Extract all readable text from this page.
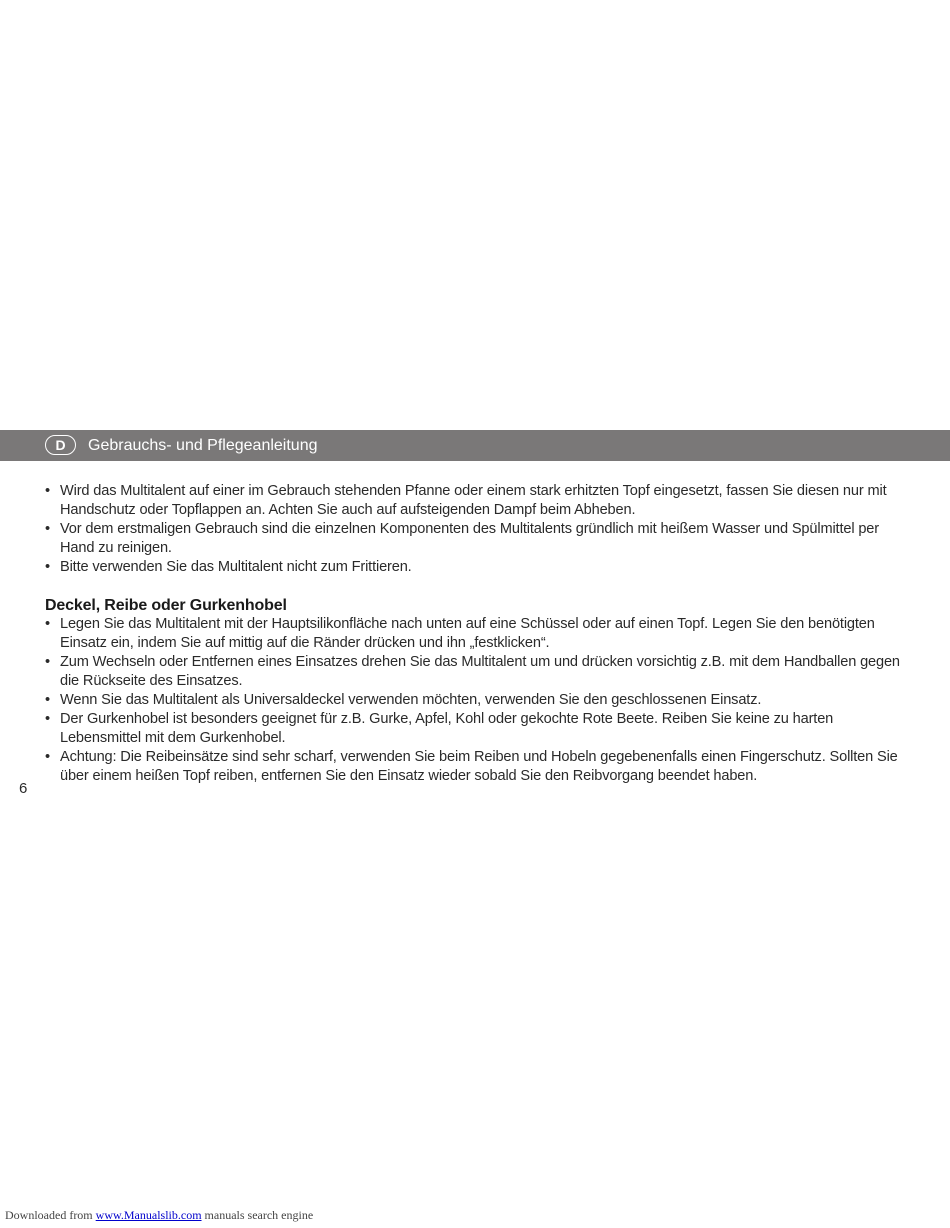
D	Gebrauchs- und Pflegeanleitung
• Wird das Multitalent auf einer im Gebrauch stehenden Pfanne oder einem stark erhitzten Topf eingesetzt, fassen Sie diesen nur mit Handschutz oder Topflappen an. Achten Sie auch auf aufsteigenden Dampf beim Abheben.
• Vor dem erstmaligen Gebrauch sind die einzelnen Komponenten des Multitalents gründlich mit heißem Wasser und Spülmittel per Hand zu reinigen.
• Bitte verwenden Sie das Multitalent nicht zum Frittieren.
Deckel, Reibe oder Gurkenhobel
• Legen Sie das Multitalent mit der Hauptsilikonfläche nach unten auf eine Schüssel oder auf einen Topf. Legen Sie den benötigten Einsatz ein, indem Sie auf mittig auf die Ränder drücken und ihn „festklicken“.
• Zum Wechseln oder Entfernen eines Einsatzes drehen Sie das Multitalent um und drücken vorsichtig z.B. mit dem Handballen gegen die Rückseite des Einsatzes.
• Wenn Sie das Multitalent als Universaldeckel verwenden möchten, verwenden Sie den geschlossenen Einsatz.
• Der Gurkenhobel ist besonders geeignet für z.B. Gurke, Apfel, Kohl oder gekochte Rote Beete. Reiben Sie keine zu harten Lebensmittel mit dem Gurkenhobel.
• Achtung: Die Reibeinsätze sind sehr scharf, verwenden Sie beim Reiben und Hobeln gegebenenfalls einen Fingerschutz. Sollten Sie über einem heißen Topf reiben, entfernen Sie den Einsatz wieder sobald Sie den Reibvorgang beendet haben.
6
Downloaded from www.Manualslib.com manuals search engine
